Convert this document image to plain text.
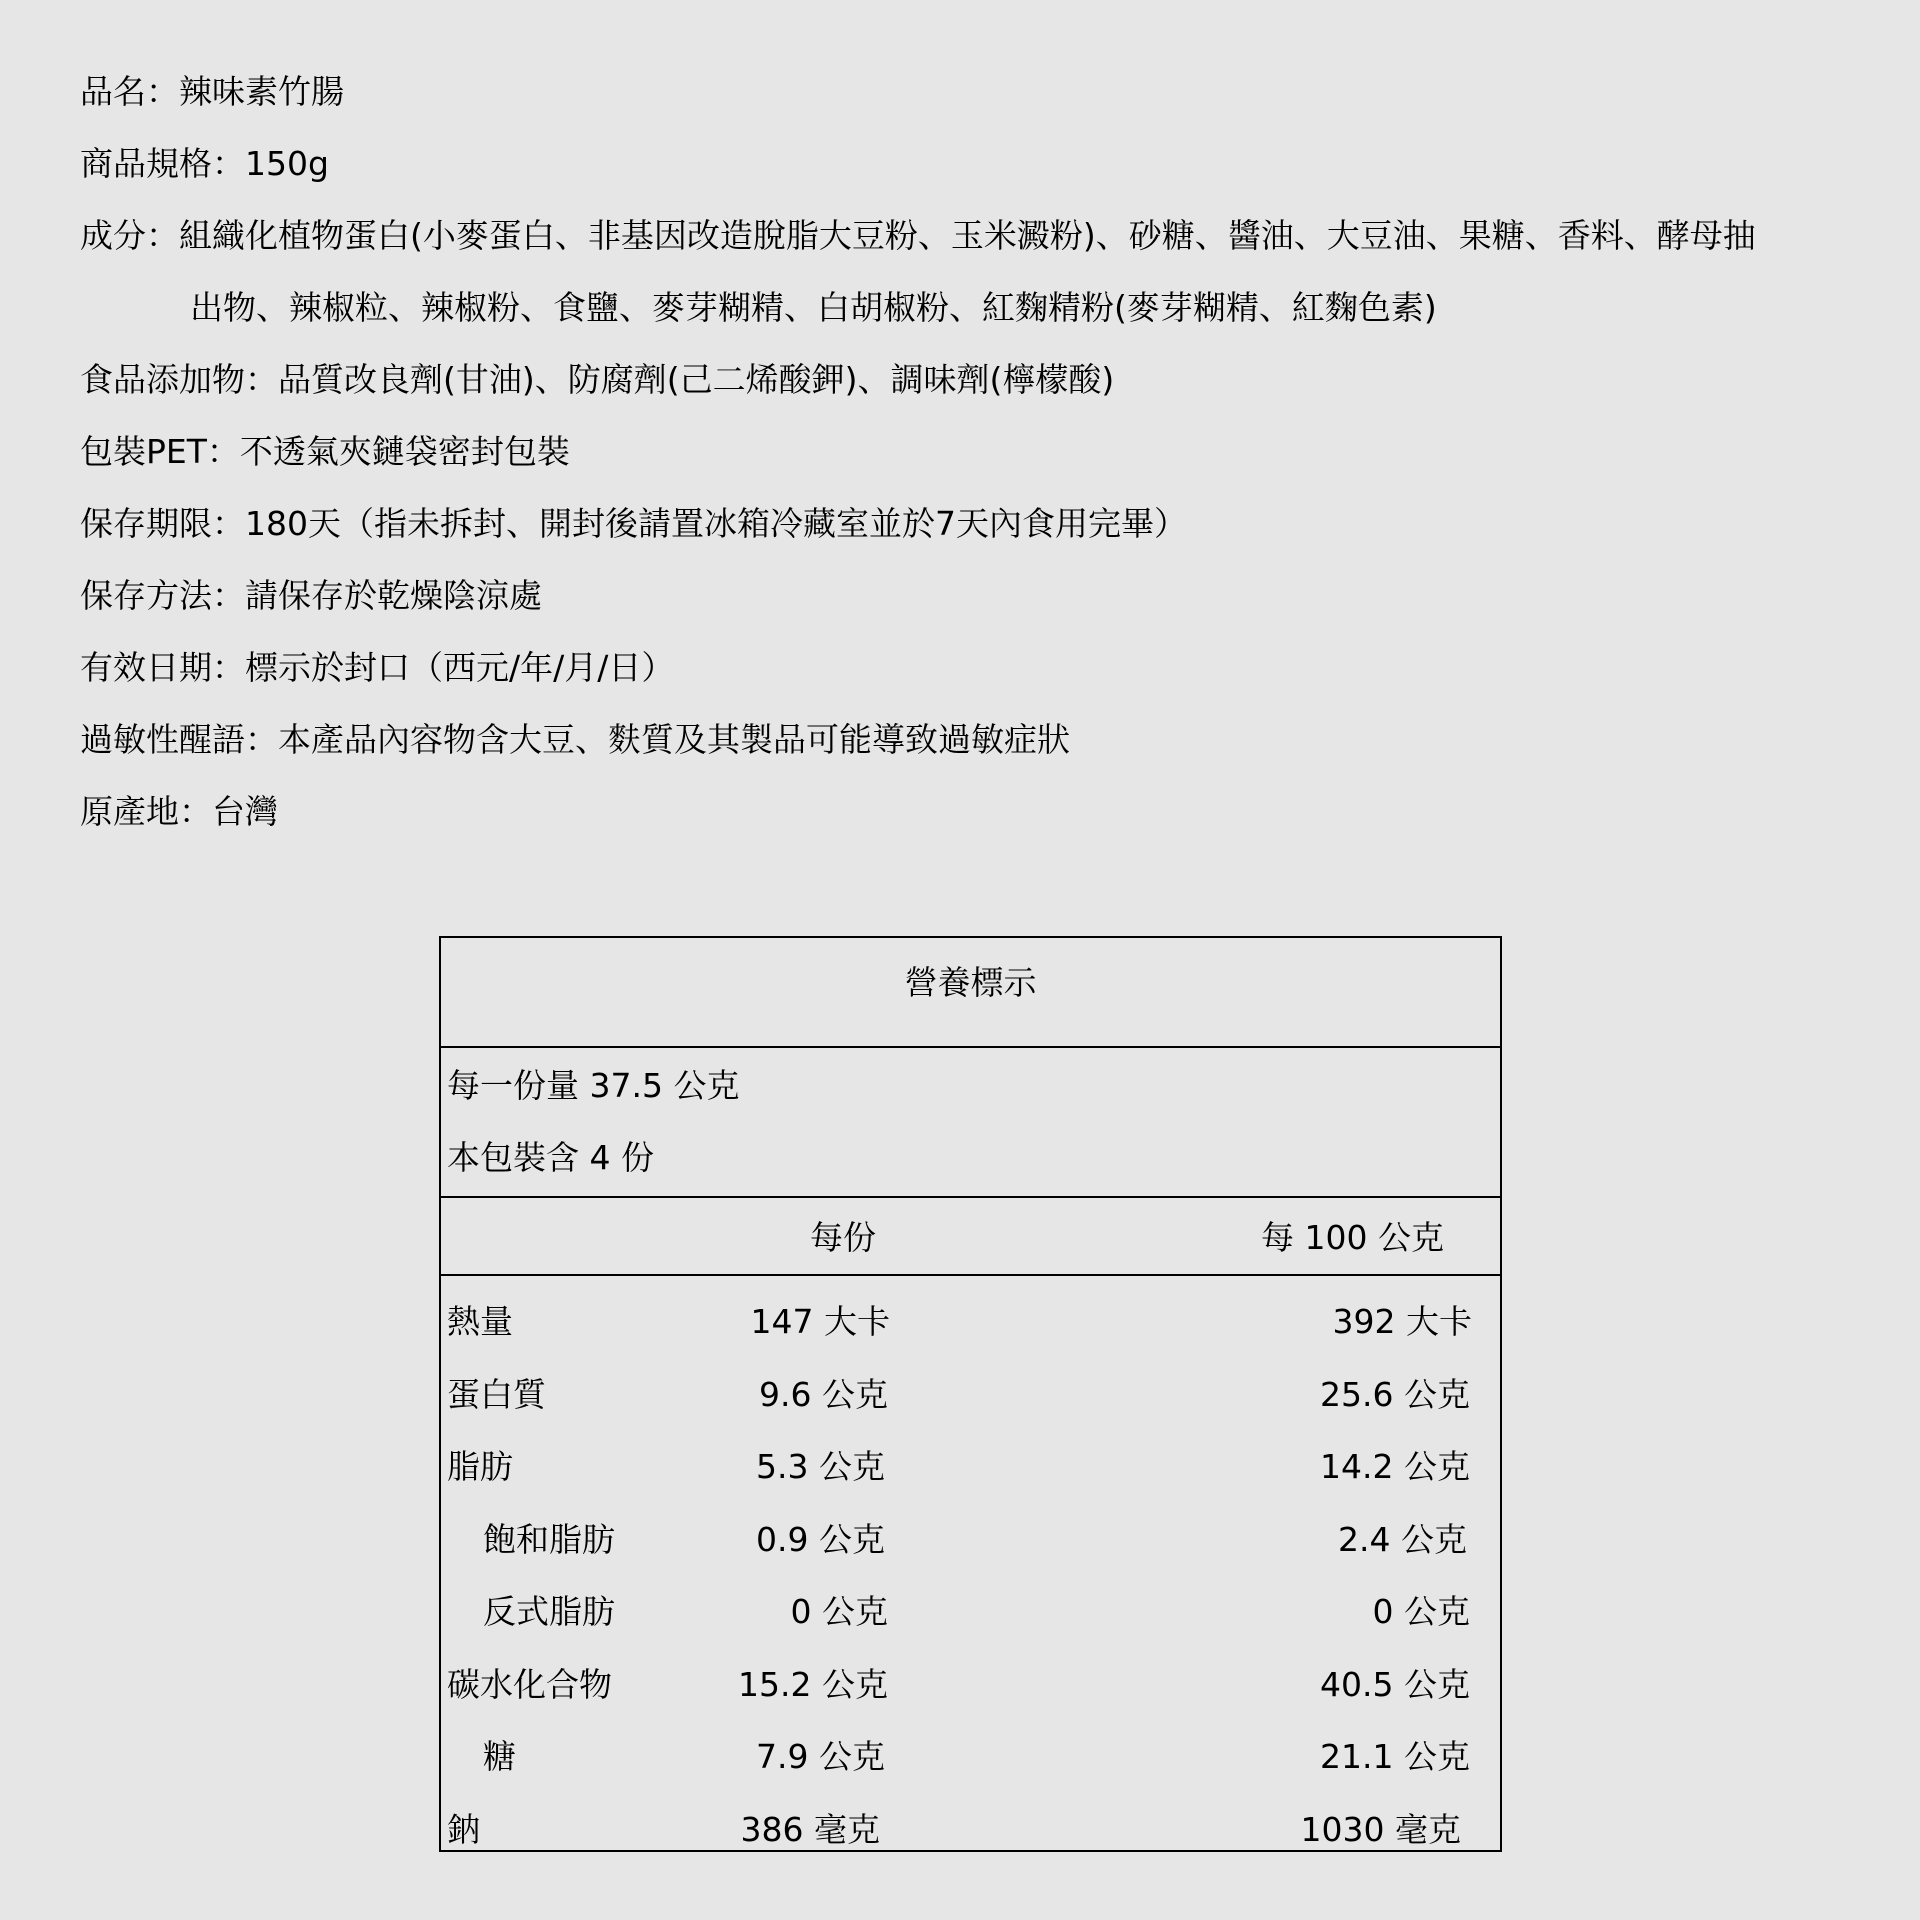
品名：辣味素竹腸
商品規格：150g
成分：組織化植物蛋白(小麥蛋白、非基因改造脫脂大豆粉、玉米澱粉)、砂糖、醬油、大豆油、果糖、香料、酵母抽
出物、辣椒粒、辣椒粉、食鹽、麥芽糊精、白胡椒粉、紅麴精粉(麥芽糊精、紅麴色素)
食品添加物：品質改良劑(甘油)、防腐劑(己二烯酸鉀)、調味劑(檸檬酸)
包裝PET：不透氣夾鏈袋密封包裝
保存期限：180天（指未拆封、開封後請置冰箱冷藏室並於7天內食用完畢）
保存方法：請保存於乾燥陰涼處
有效日期：標示於封口（西元/年/月/日）
過敏性醒語：本產品內容物含大豆、麩質及其製品可能導致過敏症狀
原產地：台灣
營養標示
每一份量 37.5 公克
本包裝含 4 份
每份	每 100 公克
熱量	147 大卡	392 大卡
蛋白質	9.6 公克	25.6 公克
脂肪	5.3 公克	14.2 公克
飽和脂肪	0.9 公克	2.4 公克
反式脂肪	0 公克	0 公克
碳水化合物	15.2 公克	40.5 公克
糖	7.9 公克	21.1 公克
鈉	386 毫克	1030 毫克
